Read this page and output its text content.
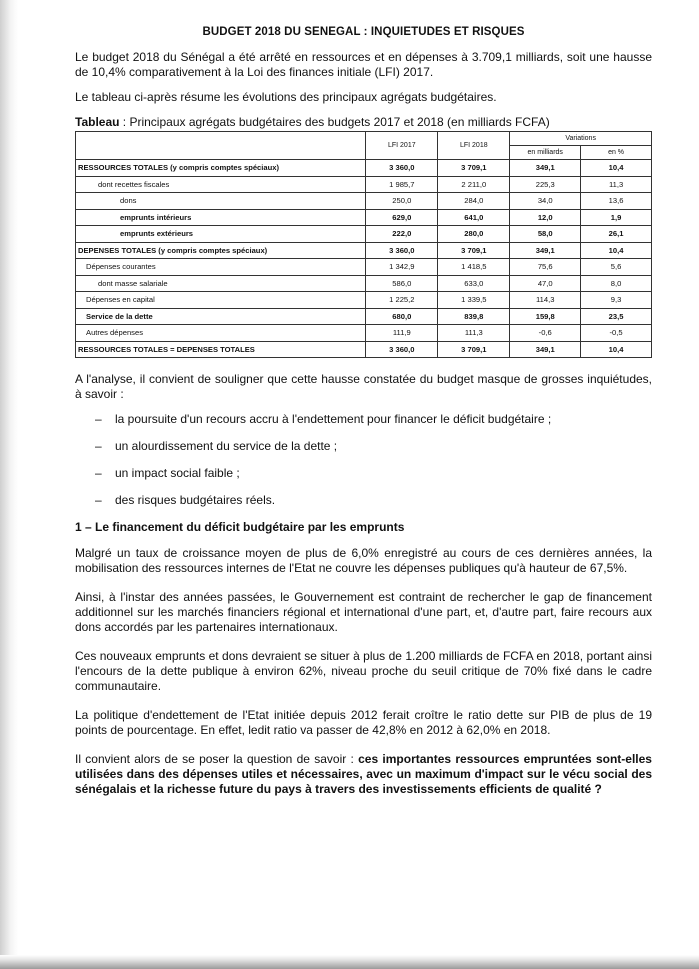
BUDGET 2018 DU SENEGAL : INQUIETUDES ET RISQUES

Le budget 2018 du Sénégal a été arrêté en ressources et en dépenses à 3.709,1 milliards, soit une hausse de 10,4% comparativement à la Loi des finances initiale (LFI) 2017.

Le tableau ci-après résume les évolutions des principaux agrégats budgétaires.

Tableau : Principaux agrégats budgétaires des budgets 2017 et 2018 (en milliards FCFA)
	LFI 2017	LFI 2018	Variations	
			en milliards	en %
RESSOURCES TOTALES (y compris comptes spéciaux)	3 360,0	3 709,1	349,1	10,4
dont recettes fiscales	1 985,7	2 211,0	225,3	11,3
dons	250,0	284,0	34,0	13,6
emprunts intérieurs	629,0	641,0	12,0	1,9
emprunts extérieurs	222,0	280,0	58,0	26,1
DEPENSES TOTALES (y compris comptes spéciaux)	3 360,0	3 709,1	349,1	10,4
Dépenses courantes	1 342,9	1 418,5	75,6	5,6
dont masse salariale	586,0	633,0	47,0	8,0
Dépenses en capital	1 225,2	1 339,5	114,3	9,3
Service de la dette	680,0	839,8	159,8	23,5
Autres dépenses	111,9	111,3	-0,6	-0,5
RESSOURCES TOTALES = DEPENSES TOTALES	3 360,0	3 709,1	349,1	10,4

A l'analyse, il convient de souligner que cette hausse constatée du budget masque de grosses inquiétudes, à savoir :

– la poursuite d'un recours accru à l'endettement pour financer le déficit budgétaire ;
– un alourdissement du service de la dette ;
– un impact social faible ;
– des risques budgétaires réels.
1 – Le financement du déficit budgétaire par les emprunts

Malgré un taux de croissance moyen de plus de 6,0% enregistré au cours de ces dernières années, la mobilisation des ressources internes de l'Etat ne couvre les dépenses publiques qu'à hauteur de 67,5%.

Ainsi, à l'instar des années passées, le Gouvernement est contraint de rechercher le gap de financement additionnel sur les marchés financiers régional et international d'une part, et, d'autre part, faire recours aux dons accordés par les partenaires internationaux.

Ces nouveaux emprunts et dons devraient se situer à plus de 1.200 milliards de FCFA en 2018, portant ainsi l'encours de la dette publique à environ 62%, niveau proche du seuil critique de 70% fixé dans le cadre communautaire.

La politique d'endettement de l'Etat initiée depuis 2012 ferait croître le ratio dette sur PIB de plus de 19 points de pourcentage. En effet, ledit ratio va passer de 42,8% en 2012 à 62,0% en 2018.

Il convient alors de se poser la question de savoir : ces importantes ressources empruntées sont-elles utilisées dans des dépenses utiles et nécessaires, avec un maximum d'impact sur le vécu social des sénégalais et la richesse future du pays à travers des investissements efficients de qualité ?
